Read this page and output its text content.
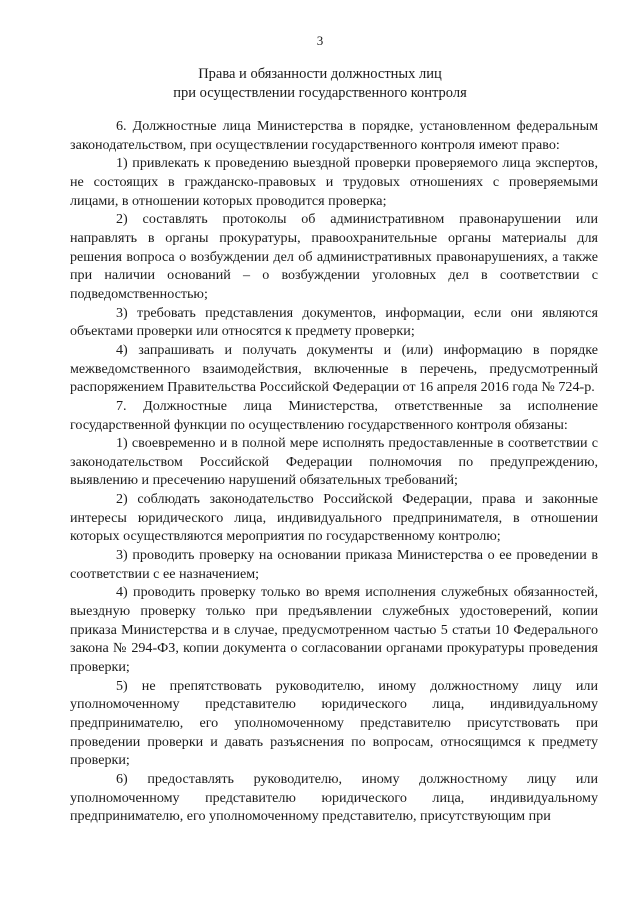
3
Права и обязанности должностных лиц
при осуществлении государственного контроля

6. Должностные лица Министерства в порядке, установленном федеральным законодательством, при осуществлении государственного контроля имеют право:

1) привлекать к проведению выездной проверки проверяемого лица экспертов, не состоящих в гражданско-правовых и трудовых отношениях с проверяемыми лицами, в отношении которых проводится проверка;

2) составлять протоколы об административном правонарушении или направлять в органы прокуратуры, правоохранительные органы материалы для решения вопроса о возбуждении дел об административных правонарушениях, а также при наличии оснований – о возбуждении уголовных дел в соответствии с подведомственностью;

3) требовать представления документов, информации, если они являются объектами проверки или относятся к предмету проверки;

4) запрашивать и получать документы и (или) информацию в порядке межведомственного взаимодействия, включенные в перечень, предусмотренный распоряжением Правительства Российской Федерации от 16 апреля 2016 года № 724-р.

7. Должностные лица Министерства, ответственные за исполнение государственной функции по осуществлению государственного контроля обязаны:

1) своевременно и в полной мере исполнять предоставленные в соответствии с законодательством Российской Федерации полномочия по предупреждению, выявлению и пресечению нарушений обязательных требований;

2) соблюдать законодательство Российской Федерации, права и законные интересы юридического лица, индивидуального предпринимателя, в отношении которых осуществляются мероприятия по государственному контролю;

3) проводить проверку на основании приказа Министерства о ее проведении в соответствии с ее назначением;

4) проводить проверку только во время исполнения служебных обязанностей, выездную проверку только при предъявлении служебных удостоверений, копии приказа Министерства и в случае, предусмотренном частью 5 статьи 10 Федерального закона № 294-ФЗ, копии документа о согласовании органами прокуратуры проведения проверки;

5) не препятствовать руководителю, иному должностному лицу или уполномоченному представителю юридического лица, индивидуальному предпринимателю, его уполномоченному представителю присутствовать при проведении проверки и давать разъяснения по вопросам, относящимся к предмету проверки;

6) предоставлять руководителю, иному должностному лицу или уполномоченному представителю юридического лица, индивидуальному предпринимателю, его уполномоченному представителю, присутствующим при
